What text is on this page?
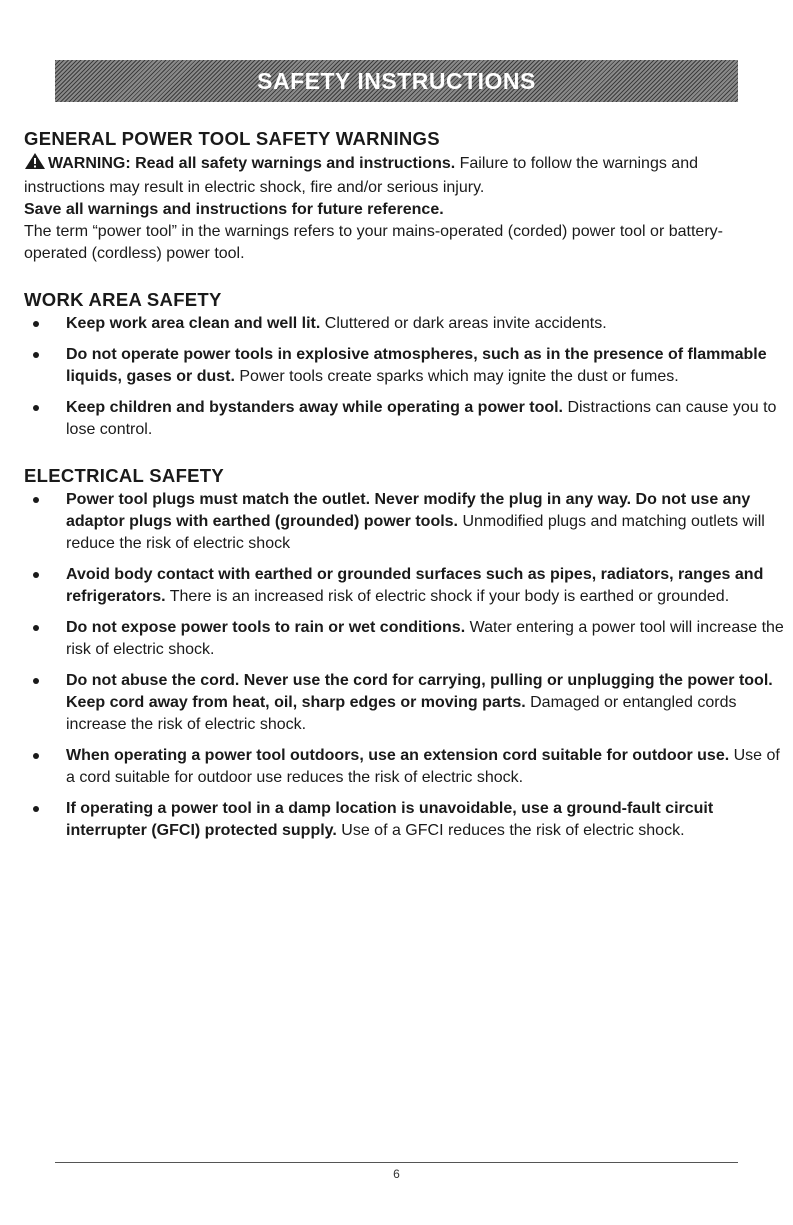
SAFETY INSTRUCTIONS
GENERAL POWER TOOL SAFETY WARNINGS

WARNING: Read all safety warnings and instructions. Failure to follow the warnings and instructions may result in electric shock, fire and/or serious injury.

Save all warnings and instructions for future reference.

The term “power tool” in the warnings refers to your mains-operated (corded) power tool or battery-operated (cordless) power tool.

WORK AREA SAFETY
Keep work area clean and well lit. Cluttered or dark areas invite accidents.
Do not operate power tools in explosive atmospheres, such as in the presence of flammable liquids, gases or dust. Power tools create sparks which may ignite the dust or fumes.
Keep children and bystanders away while operating a power tool. Distractions can cause you to lose control.
ELECTRICAL SAFETY
Power tool plugs must match the outlet. Never modify the plug in any way. Do not use any adaptor plugs with earthed (grounded) power tools. Unmodified plugs and matching outlets will reduce the risk of electric shock
Avoid body contact with earthed or grounded surfaces such as pipes, radiators, ranges and refrigerators. There is an increased risk of electric shock if your body is earthed or grounded.
Do not expose power tools to rain or wet conditions. Water entering a power tool will increase the risk of electric shock.
Do not abuse the cord. Never use the cord for carrying, pulling or unplugging the power tool. Keep cord away from heat, oil, sharp edges or moving parts. Damaged or entangled cords increase the risk of electric shock.
When operating a power tool outdoors, use an extension cord suitable for outdoor use. Use of a cord suitable for outdoor use reduces the risk of electric shock.
If operating a power tool in a damp location is unavoidable, use a ground-fault circuit interrupter (GFCI) protected supply. Use of a GFCI reduces the risk of electric shock.
6
